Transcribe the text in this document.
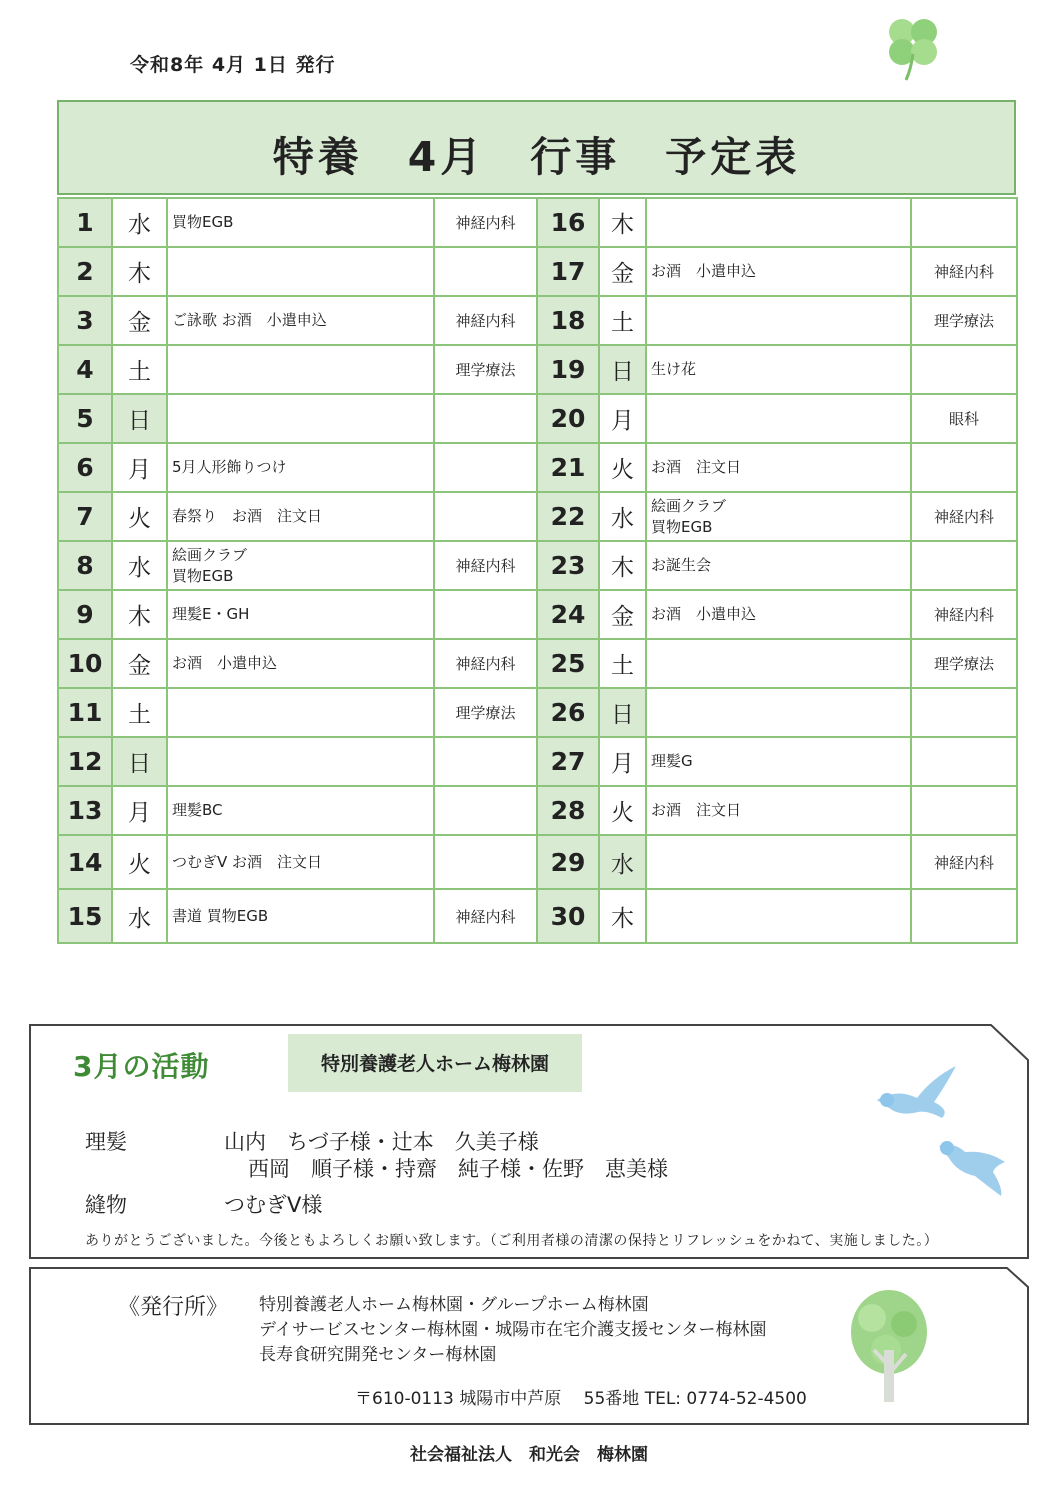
令和8年 4月 1日 発行
特養　4月　行事　予定表
1	水	買物EGB	神経内科	16	木		
2	木			17	金	お酒　小遣申込	神経内科
3	金	ご詠歌 お酒　小遣申込	神経内科	18	土		理学療法
4	土		理学療法	19	日	生け花	
5	日			20	月		眼科
6	月	5月人形飾りつけ		21	火	お酒　注文日	
7	火	春祭り　お酒　注文日		22	水	絵画クラブ
買物EGB	神経内科
8	水	絵画クラブ
買物EGB	神経内科	23	木	お誕生会	
9	木	理髪E・GH		24	金	お酒　小遣申込	神経内科
10	金	お酒　小遣申込	神経内科	25	土		理学療法
11	土		理学療法	26	日		
12	日			27	月	理髪G	
13	月	理髪BC		28	火	お酒　注文日	
14	火	つむぎV お酒　注文日		29	水		神経内科
15	水	書道 買物EGB	神経内科	30	木		
3月の活動	特別養護老人ホーム梅林園
理髪	山内　ちづ子様・辻本　久美子様
西岡　順子様・持齋　純子様・佐野　恵美様
縫物	つむぎV様
ありがとうございました。今後ともよろしくお願い致します。（ご利用者様の清潔の保持とリフレッシュをかねて、実施しました。）
《発行所》 特別養護老人ホーム梅林園・グループホーム梅林園
デイサービスセンター梅林園・城陽市在宅介護支援センター梅林園
長寿食研究開発センター梅林園
〒610-0113 城陽市中芦原　 55番地 TEL: 0774-52-4500
社会福祉法人　和光会　梅林園
